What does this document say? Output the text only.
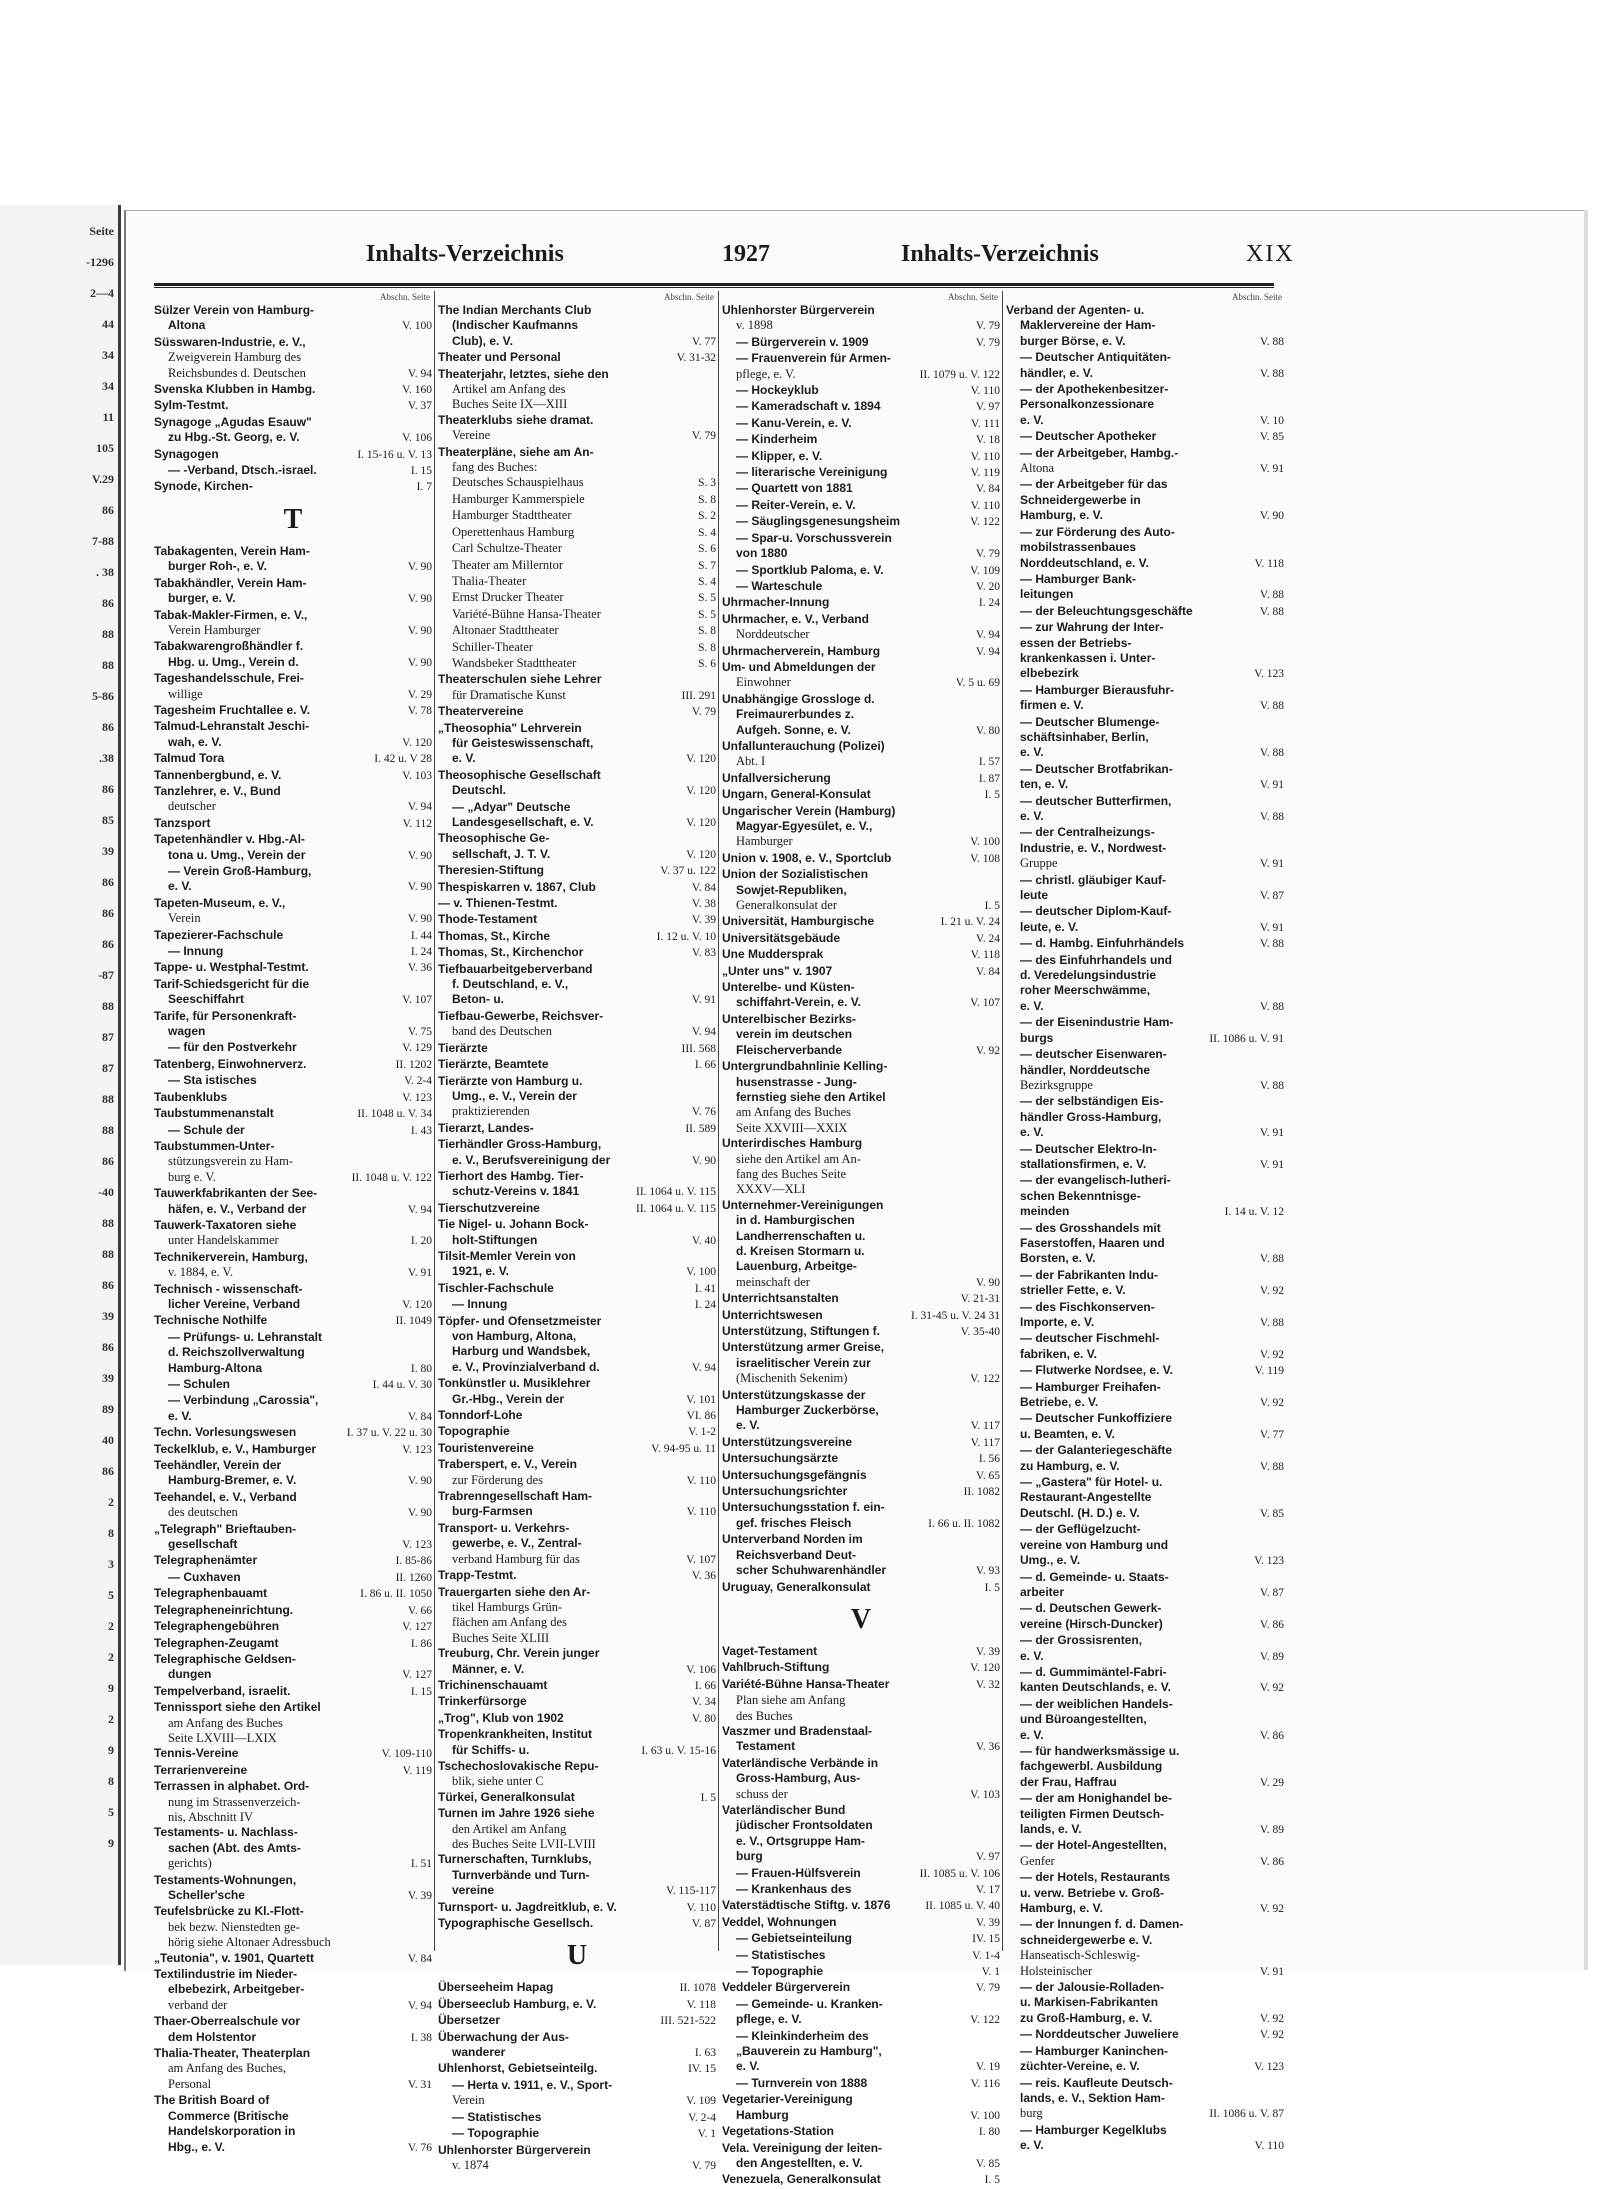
Seite
-1296
2—4
44
34
34
11
105
V.29
86
7-88
. 38
86
88
88
5-86
86
.38
86
85
39
86
86
86
-87
88
87
87
88
88
86
-40
88
88
86
39
86
39
89
40
86
2
8
3
5
2
2
9
2
9
8
5
9
Inhalts-Verzeichnis	1927	Inhalts-Verzeichnis	XIX
Abschn. Seite
Sülzer Verein von Hamburg-
Altona	V. 100
Süsswaren-Industrie, e. V.,
Zweigverein Hamburg des
Reichsbundes d. Deutschen	V. 94
Svenska Klubben in Hambg.	V. 160
Sylm-Testmt.	V. 37
Synagoge „Agudas Esauw"
zu Hbg.-St. Georg, e. V.	V. 106
Synagogen	I. 15-16 u. V. 13
— -Verband, Dtsch.-israel.	I. 15
Synode, Kirchen-	I. 7
T
Tabakagenten, Verein Ham-
burger Roh-, e. V.	V. 90
Tabakhändler, Verein Ham-
burger, e. V.	V. 90
Tabak-Makler-Firmen, e. V.,
Verein Hamburger	V. 90
Tabakwarengroßhändler f.
Hbg. u. Umg., Verein d.	V. 90
Tageshandelsschule, Frei-
willige	V. 29
Tagesheim Fruchtallee e. V.	V. 78
Talmud-Lehranstalt Jeschi-
wah, e. V.	V. 120
Talmud Tora	I. 42 u. V 28
Tannenbergbund, e. V.	V. 103
Tanzlehrer, e. V., Bund
deutscher	V. 94
Tanzsport	V. 112
Tapetenhändler v. Hbg.-Al-
tona u. Umg., Verein der	V. 90
— Verein Groß-Hamburg,
e. V.	V. 90
Tapeten-Museum, e. V.,
Verein	V. 90
Tapezierer-Fachschule	I. 44
— Innung	I. 24
Tappe- u. Westphal-Testmt.	V. 36
Tarif-Schiedsgericht für die
Seeschiffahrt	V. 107
Tarife, für Personenkraft-
wagen	V. 75
— für den Postverkehr	V. 129
Tatenberg, Einwohnerverz.	II. 1202
— Sta istisches	V. 2-4
Taubenklubs	V. 123
Taubstummenanstalt	II. 1048 u. V. 34
— Schule der	I. 43
Taubstummen-Unter-
stützungsverein zu Ham-
burg e. V.	II. 1048 u. V. 122
Tauwerkfabrikanten der See-
häfen, e. V., Verband der	V. 94
Tauwerk-Taxatoren siehe
unter Handelskammer	I. 20
Technikerverein, Hamburg,
v. 1884, e. V.	V. 91
Technisch - wissenschaft-
licher Vereine, Verband	V. 120
Technische Nothilfe	II. 1049
— Prüfungs- u. Lehranstalt
d. Reichszollverwaltung
Hamburg-Altona	I. 80
— Schulen	I. 44 u. V. 30
— Verbindung „Carossia",
e. V.	V. 84
Techn. Vorlesungswesen	I. 37 u. V. 22 u. 30
Teckelklub, e. V., Hamburger	V. 123
Teehändler, Verein der
Hamburg-Bremer, e. V.	V. 90
Teehandel, e. V., Verband
des deutschen	V. 90
„Telegraph" Brieftauben-
gesellschaft	V. 123
Telegraphenämter	I. 85-86
— Cuxhaven	II. 1260
Telegraphenbauamt	I. 86 u. II. 1050
Telegrapheneinrichtung.	V. 66
Telegraphengebühren	V. 127
Telegraphen-Zeugamt	I. 86
Telegraphische Geldsen-
dungen	V. 127
Tempelverband, israelit.	I. 15
Tennissport siehe den Artikel
am Anfang des Buches
Seite LXVIII—LXIX
Tennis-Vereine	V. 109-110
Terrarienvereine	V. 119
Terrassen in alphabet. Ord-
nung im Strassenverzeich-
nis, Abschnitt IV
Testaments- u. Nachlass-
sachen (Abt. des Amts-
gerichts)	I. 51
Testaments-Wohnungen,
Scheller'sche	V. 39
Teufelsbrücke zu Kl.-Flott-
bek bezw. Nienstedten ge-
hörig siehe Altonaer Adressbuch
„Teutonia", v. 1901, Quartett	V. 84
Textilindustrie im Nieder-
elbebezirk, Arbeitgeber-
verband der	V. 94
Thaer-Oberrealschule vor
dem Holstentor	I. 38
Thalia-Theater, Theaterplan
am Anfang des Buches,
Personal	V. 31
The British Board of
Commerce (Britische
Handelskorporation in
Hbg., e. V.	V. 76
Abschn. Seite
The Indian Merchants Club
(Indischer Kaufmanns
Club), e. V.	V. 77
Theater und Personal	V. 31-32
Theaterjahr, letztes, siehe den
Artikel am Anfang des
Buches Seite IX—XIII
Theaterklubs siehe dramat.
Vereine	V. 79
Theaterpläne, siehe am An-
fang des Buches:
Deutsches Schauspielhaus	S. 3
Hamburger Kammerspiele	S. 8
Hamburger Stadttheater	S. 2
Operettenhaus Hamburg	S. 4
Carl Schultze-Theater	S. 6
Theater am Millerntor	S. 7
Thalia-Theater	S. 4
Ernst Drucker Theater	S. 5
Variété-Bühne Hansa-Theater	S. 5
Altonaer Stadttheater	S. 8
Schiller-Theater	S. 8
Wandsbeker Stadttheater	S. 6
Theaterschulen siehe Lehrer
für Dramatische Kunst	III. 291
Theatervereine	V. 79
„Theosophia" Lehrverein
für Geisteswissenschaft,
e. V.	V. 120
Theosophische Gesellschaft
Deutschl.	V. 120
— „Adyar" Deutsche
Landesgesellschaft, e. V.	V. 120
Theosophische Ge-
sellschaft, J. T. V.	V. 120
Theresien-Stiftung	V. 37 u. 122
Thespiskarren v. 1867, Club	V. 84
— v. Thienen-Testmt.	V. 38
Thode-Testament	V. 39
Thomas, St., Kirche	I. 12 u. V. 10
Thomas, St., Kirchenchor	V. 83
Tiefbauarbeitgeberverband
f. Deutschland, e. V.,
Beton- u.	V. 91
Tiefbau-Gewerbe, Reichsver-
band des Deutschen	V. 94
Tierärzte	III. 568
Tierärzte, Beamtete	I. 66
Tierärzte von Hamburg u.
Umg., e. V., Verein der
praktizierenden	V. 76
Tierarzt, Landes-	II. 589
Tierhändler Gross-Hamburg,
e. V., Berufsvereinigung der	V. 90
Tierhort des Hambg. Tier-
schutz-Vereins v. 1841	II. 1064 u. V. 115
Tierschutzvereine	II. 1064 u. V. 115
Tie Nigel- u. Johann Bock-
holt-Stiftungen	V. 40
Tilsit-Memler Verein von
1921, e. V.	V. 100
Tischler-Fachschule	I. 41
— Innung	I. 24
Töpfer- und Ofensetzmeister
von Hamburg, Altona,
Harburg und Wandsbek,
e. V., Provinzialverband d.	V. 94
Tonkünstler u. Musiklehrer
Gr.-Hbg., Verein der	V. 101
Tonndorf-Lohe	VI. 86
Topographie	V. 1-2
Touristenvereine	V. 94-95 u. 11
Traberspert, e. V., Verein
zur Förderung des	V. 110
Trabrenngesellschaft Ham-
burg-Farmsen	V. 110
Transport- u. Verkehrs-
gewerbe, e. V., Zentral-
verband Hamburg für das	V. 107
Trapp-Testmt.	V. 36
Trauergarten siehe den Ar-
tikel Hamburgs Grün-
flächen am Anfang des
Buches Seite XLIII
Treuburg, Chr. Verein junger
Männer, e. V.	V. 106
Trichinenschauamt	I. 66
Trinkerfürsorge	V. 34
„Trog", Klub von 1902	V. 80
Tropenkrankheiten, Institut
für Schiffs- u.	I. 63 u. V. 15-16
Tschechoslovakische Repu-
blik, siehe unter C
Türkei, Generalkonsulat	I. 5
Turnen im Jahre 1926 siehe
den Artikel am Anfang
des Buches Seite LVII-LVIII
Turnerschaften, Turnklubs,
Turnverbände und Turn-
vereine	V. 115-117
Turnsport- u. Jagdreitklub, e. V.	V. 110
Typographische Gesellsch.	V. 87
U
Überseeheim Hapag	II. 1078
Überseeclub Hamburg, e. V.	V. 118
Übersetzer	III. 521-522
Überwachung der Aus-
wanderer	I. 63
Uhlenhorst, Gebietseinteilg.	IV. 15
— Herta v. 1911, e. V., Sport-
Verein	V. 109
— Statistisches	V. 2-4
— Topographie	V. 1
Uhlenhorster Bürgerverein
v. 1874	V. 79
Abschn. Seite
Uhlenhorster Bürgerverein
v. 1898	V. 79
— Bürgerverein v. 1909	V. 79
— Frauenverein für Armen-
pflege, e. V.	II. 1079 u. V. 122
— Hockeyklub	V. 110
— Kameradschaft v. 1894	V. 97
— Kanu-Verein, e. V.	V. 111
— Kinderheim	V. 18
— Klipper, e. V.	V. 110
— literarische Vereinigung	V. 119
— Quartett von 1881	V. 84
— Reiter-Verein, e. V.	V. 110
— Säuglingsgenesungsheim	V. 122
— Spar-u. Vorschussverein
von 1880	V. 79
— Sportklub Paloma, e. V.	V. 109
— Warteschule	V. 20
Uhrmacher-Innung	I. 24
Uhrmacher, e. V., Verband
Norddeutscher	V. 94
Uhrmacherverein, Hamburg	V. 94
Um- und Abmeldungen der
Einwohner	V. 5 u. 69
Unabhängige Grossloge d.
Freimaurerbundes z.
Aufgeh. Sonne, e. V.	V. 80
Unfallunterauchung (Polizei)
Abt. I	I. 57
Unfallversicherung	I. 87
Ungarn, General-Konsulat	I. 5
Ungarischer Verein (Hamburg)
Magyar-Egyesület, e. V.,
Hamburger	V. 100
Union v. 1908, e. V., Sportclub	V. 108
Union der Sozialistischen
Sowjet-Republiken,
Generalkonsulat der	I. 5
Universität, Hamburgische	I. 21 u. V. 24
Universitätsgebäude	V. 24
Une Muddersprak	V. 118
„Unter uns" v. 1907	V. 84
Unterelbe- und Küsten-
schiffahrt-Verein, e. V.	V. 107
Unterelbischer Bezirks-
verein im deutschen
Fleischerverbande	V. 92
Untergrundbahnlinie Kelling-
husenstrasse - Jung-
fernstieg siehe den Artikel
am Anfang des Buches
Seite XXVIII—XXIX
Unterirdisches Hamburg
siehe den Artikel am An-
fang des Buches Seite
XXXV—XLI
Unternehmer-Vereinigungen
in d. Hamburgischen
Landherrenschaften u.
d. Kreisen Stormarn u.
Lauenburg, Arbeitge-
meinschaft der	V. 90
Unterrichtsanstalten	V. 21-31
Unterrichtswesen	I. 31-45 u. V. 24 31
Unterstützung, Stiftungen f.	V. 35-40
Unterstützung armer Greise,
israelitischer Verein zur
(Mischenith Sekenim)	V. 122
Unterstützungskasse der
Hamburger Zuckerbörse,
e. V.	V. 117
Unterstützungsvereine	V. 117
Untersuchungsärzte	I. 56
Untersuchungsgefängnis	V. 65
Untersuchungsrichter	II. 1082
Untersuchungsstation f. ein-
gef. frisches Fleisch	I. 66 u. II. 1082
Unterverband Norden im
Reichsverband Deut-
scher Schuhwarenhändler	V. 93
Uruguay, Generalkonsulat	I. 5
V
Vaget-Testament	V. 39
Vahlbruch-Stiftung	V. 120
Variété-Bühne Hansa-Theater	V. 32
Plan siehe am Anfang
des Buches
Vaszmer und Bradenstaal-
Testament	V. 36
Vaterländische Verbände in
Gross-Hamburg, Aus-
schuss der	V. 103
Vaterländischer Bund
jüdischer Frontsoldaten
e. V., Ortsgruppe Ham-
burg	V. 97
— Frauen-Hülfsverein	II. 1085 u. V. 106
— Krankenhaus des	V. 17
Vaterstädtische Stiftg. v. 1876	II. 1085 u. V. 40
Veddel, Wohnungen	V. 39
— Gebietseinteilung	IV. 15
— Statistisches	V. 1-4
— Topographie	V. 1
Veddeler Bürgerverein	V. 79
— Gemeinde- u. Kranken-
pflege, e. V.	V. 122
— Kleinkinderheim des
„Bauverein zu Hamburg",
e. V.	V. 19
— Turnverein von 1888	V. 116
Vegetarier-Vereinigung
Hamburg	V. 100
Vegetations-Station	I. 80
Vela. Vereinigung der leiten-
den Angestellten, e. V.	V. 85
Venezuela, Generalkonsulat	I. 5
Abschn. Seite
Verband der Agenten- u.
Maklervereine der Ham-
burger Börse, e. V.	V. 88
— Deutscher Antiquitäten-
händler, e. V.	V. 88
— der Apothekenbesitzer-
Personalkonzessionare
e. V.	V. 10
— Deutscher Apotheker	V. 85
— der Arbeitgeber, Hambg.-
Altona	V. 91
— der Arbeitgeber für das
Schneidergewerbe in
Hamburg, e. V.	V. 90
— zur Förderung des Auto-
mobilstrassenbaues
Norddeutschland, e. V.	V. 118
— Hamburger Bank-
leitungen	V. 88
— der Beleuchtungsgeschäfte	V. 88
— zur Wahrung der Inter-
essen der Betriebs-
krankenkassen i. Unter-
elbebezirk	V. 123
— Hamburger Bierausfuhr-
firmen e. V.	V. 88
— Deutscher Blumenge-
schäftsinhaber, Berlin,
e. V.	V. 88
— Deutscher Brotfabrikan-
ten, e. V.	V. 91
— deutscher Butterfirmen,
e. V.	V. 88
— der Centralheizungs-
Industrie, e. V., Nordwest-
Gruppe	V. 91
— christl. gläubiger Kauf-
leute	V. 87
— deutscher Diplom-Kauf-
leute, e. V.	V. 91
— d. Hambg. Einfuhrhändels	V. 88
— des Einfuhrhandels und
d. Veredelungsindustrie
roher Meerschwämme,
e. V.	V. 88
— der Eisenindustrie Ham-
burgs	II. 1086 u. V. 91
— deutscher Eisenwaren-
händler, Norddeutsche
Bezirksgruppe	V. 88
— der selbständigen Eis-
händler Gross-Hamburg,
e. V.	V. 91
— Deutscher Elektro-In-
stallationsfirmen, e. V.	V. 91
— der evangelisch-lutheri-
schen Bekenntnisge-
meinden	I. 14 u. V. 12
— des Grosshandels mit
Faserstoffen, Haaren und
Borsten, e. V.	V. 88
— der Fabrikanten Indu-
strieller Fette, e. V.	V. 92
— des Fischkonserven-
Importe, e. V.	V. 88
— deutscher Fischmehl-
fabriken, e. V.	V. 92
— Flutwerke Nordsee, e. V.	V. 119
— Hamburger Freihafen-
Betriebe, e. V.	V. 92
— Deutscher Funkoffiziere
u. Beamten, e. V.	V. 77
— der Galanteriegeschäfte
zu Hamburg, e. V.	V. 88
— „Gastera" für Hotel- u.
Restaurant-Angestellte
Deutschl. (H. D.) e. V.	V. 85
— der Geflügelzucht-
vereine von Hamburg und
Umg., e. V.	V. 123
— d. Gemeinde- u. Staats-
arbeiter	V. 87
— d. Deutschen Gewerk-
vereine (Hirsch-Duncker)	V. 86
— der Grossisrenten,
e. V.	V. 89
— d. Gummimäntel-Fabri-
kanten Deutschlands, e. V.	V. 92
— der weiblichen Handels-
und Büroangestellten,
e. V.	V. 86
— für handwerksmässige u.
fachgewerbl. Ausbildung
der Frau, Haffrau	V. 29
— der am Honighandel be-
teiligten Firmen Deutsch-
lands, e. V.	V. 89
— der Hotel-Angestellten,
Genfer	V. 86
— der Hotels, Restaurants
u. verw. Betriebe v. Groß-
Hamburg, e. V.	V. 92
— der Innungen f. d. Damen-
schneidergewerbe e. V.
Hanseatisch-Schleswig-
Holsteinischer	V. 91
— der Jalousie-Rolladen-
u. Markisen-Fabrikanten
zu Groß-Hamburg, e. V.	V. 92
— Norddeutscher Juweliere	V. 92
— Hamburger Kaninchen-
züchter-Vereine, e. V.	V. 123
— reis. Kaufleute Deutsch-
lands, e. V., Sektion Ham-
burg	II. 1086 u. V. 87
— Hamburger Kegelklubs
e. V.	V. 110
